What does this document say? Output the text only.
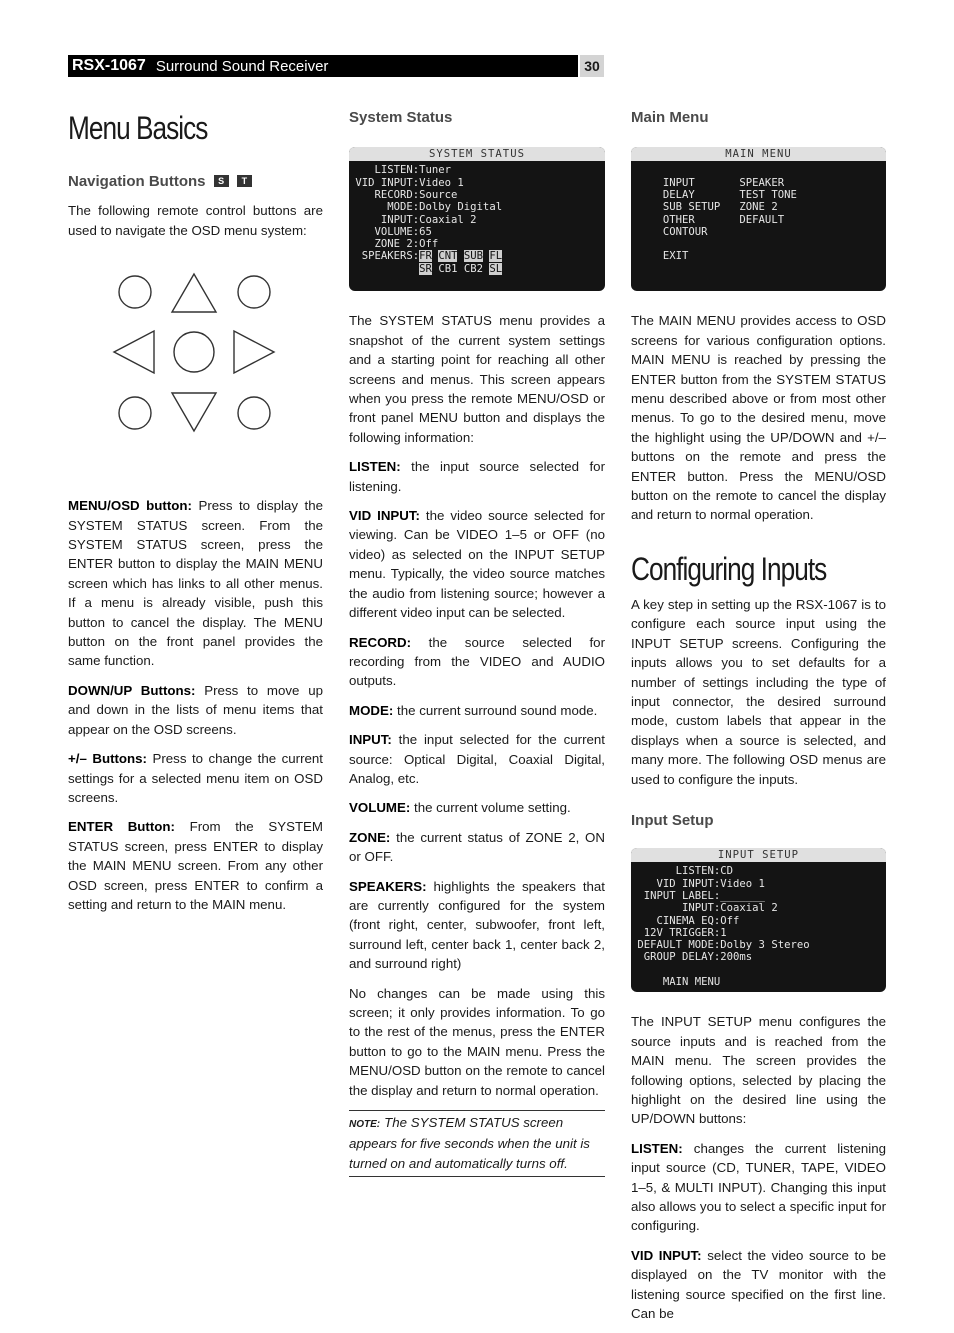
RSX-1067 Surround Sound Receiver	30
Menu Basics
Navigation Buttons S T

The following remote control buttons are used to navigate the OSD menu system:

MENU/OSD button: Press to display the SYSTEM STATUS screen. From the SYSTEM STATUS screen, press the ENTER button to display the MAIN MENU screen which has links to all other menus. If a menu is already visible, push this button to cancel the display. The MENU button on the front panel provides the same function.

DOWN/UP Buttons: Press to move up and down in the lists of menu items that appear on the OSD screens.

+/– Buttons: Press to change the current settings for a selected menu item on OSD screens.

ENTER Button: From the SYSTEM STATUS screen, press ENTER to display the MAIN MENU screen. From any other OSD screen, press ENTER to confirm a setting and return to the MAIN menu.

System Status
SYSTEM STATUS
LISTEN:Tuner
VID INPUT:Video 1
RECORD:Source
MODE:Dolby Digital
INPUT:Coaxial 2
VOLUME:65
ZONE 2:Off
SPEAKERS:FR CNT SUB FL
SR CB1 CB2 SL

The SYSTEM STATUS menu provides a snapshot of the current system settings and a starting point for reaching all other screens and menus. This screen appears when you press the remote MENU/OSD or front panel MENU button and displays the following information:

LISTEN: the input source selected for listening.

VID INPUT: the video source selected for viewing. Can be VIDEO 1–5 or OFF (no video) as selected on the INPUT SETUP menu. Typically, the video source matches the audio from listening source; however a different video input can be selected.

RECORD: the source selected for recording from the VIDEO and AUDIO outputs.

MODE: the current surround sound mode.

INPUT: the input selected for the current source: Optical Digital, Coaxial Digital, Analog, etc.

VOLUME: the current volume setting.

ZONE: the current status of ZONE 2, ON or OFF.

SPEAKERS: highlights the speakers that are currently configured for the system (front right, center, subwoofer, front left, surround left, center back 1, center back 2, and surround right)

No changes can be made using this screen; it only provides information. To go to the rest of the menus, press the ENTER button to go to the MAIN menu. Press the MENU/OSD button on the remote to cancel the display and return to normal operation.

NOTE: The SYSTEM STATUS screen appears for five seconds when the unit is turned on and automatically turns off.
Main Menu
MAIN MENU

INPUT       SPEAKER
DELAY       TEST TONE
SUB SETUP   ZONE 2
OTHER       DEFAULT
CONTOUR

EXIT

The MAIN MENU provides access to OSD screens for various configuration options. MAIN MENU is reached by pressing the ENTER button from the SYSTEM STATUS menu described above or from most other menus. To go to the desired menu, move the highlight using the UP/DOWN and +/– buttons on the remote and press the ENTER button. Press the MENU/OSD button on the remote to cancel the display and return to normal operation.

Configuring Inputs

A key step in setting up the RSX-1067 is to configure each source input using the INPUT SETUP screens. Configuring the inputs allows you to set defaults for a number of settings including the type of input connector, the desired surround mode, custom labels that appear in the displays when a source is selected, and many more. The following OSD menus are used to configure the inputs.

Input Setup
INPUT SETUP
LISTEN:CD
VID INPUT:Video 1
INPUT LABEL:_______
INPUT:Coaxial 2
CINEMA EQ:Off
12V TRIGGER:1
DEFAULT MODE:Dolby 3 Stereo
GROUP DELAY:200ms

MAIN MENU

The INPUT SETUP menu configures the source inputs and is reached from the MAIN menu. The screen provides the following options, selected by placing the highlight on the desired line using the UP/DOWN buttons:

LISTEN: changes the current listening input source (CD, TUNER, TAPE, VIDEO 1–5, & MULTI INPUT). Changing this input also allows you to select a specific input for configuring.

VID INPUT: select the video source to be displayed on the TV monitor with the listening source specified on the first line. Can be
